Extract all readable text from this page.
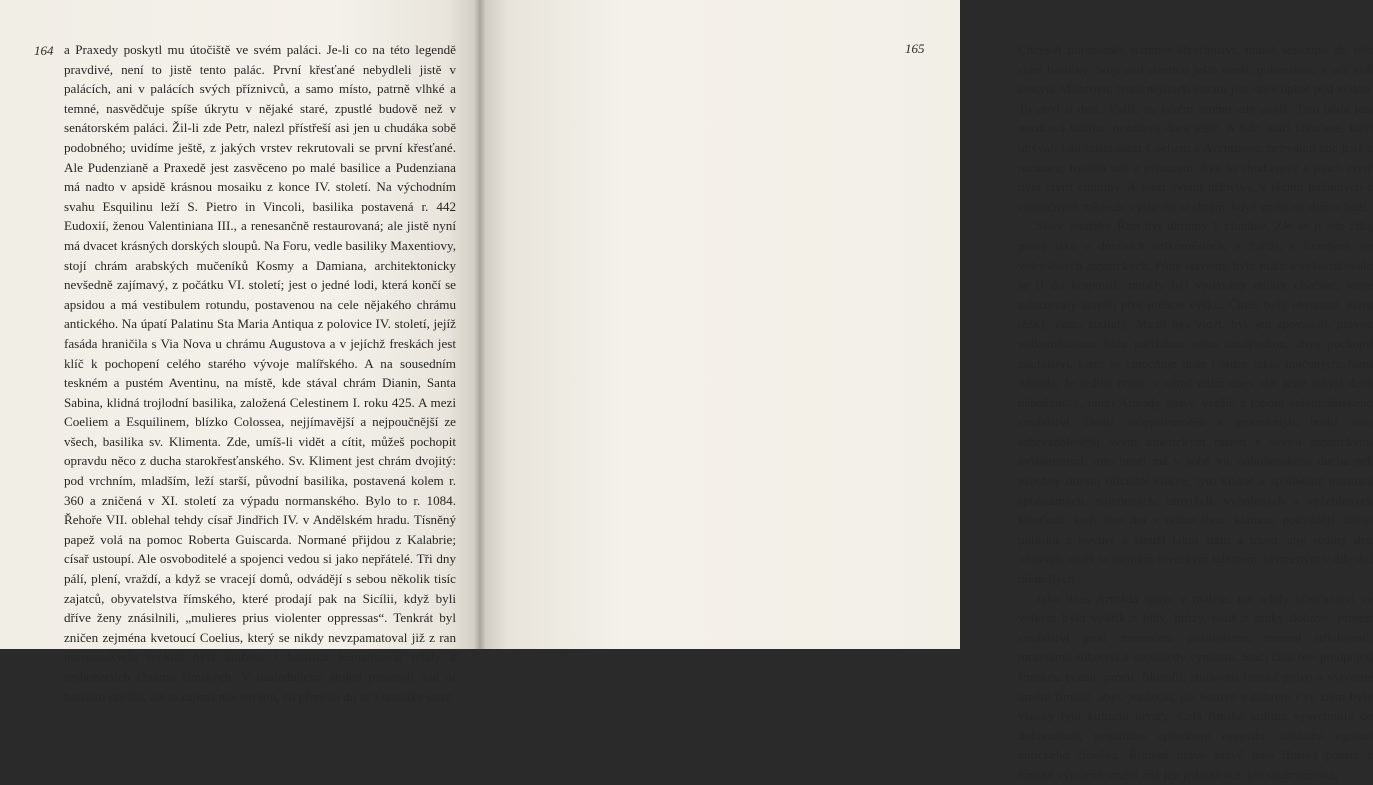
164 a Praxedy poskytl mu útočiště ve svém paláci. Je-li co na této legendě pravdivé, není to jistě tento palác. První křesťané nebydleli jistě v palácích, ani v palácích svých příznivců, a samo místo, patrně vlhké a temné, nasvědčuje spíše úkrytu v nějaké staré, zpustlé budově než v senátorském paláci. Žil-li zde Petr, nalezl přístřeší asi jen u chudáka sobě podobného; uvidíme ještě, z jakých vrstev rekrutovali se první křesťané. Ale Pudenzianě a Praxedě jest zasvěceno po malé basilice a Pudenziana má nadto v apsidě krásnou mosaiku z konce IV. století. Na východním svahu Esquilinu leží S. Pietro in Vincoli, basilika postavená r. 442 Eudoxií, ženou Valentiniana III., a renesančně restaurovaná; ale jistě nyní má dvacet krásných dorských sloupů. Na Foru, vedle basiliky Maxentiovy, stojí chrám arabských mučeníků Kosmy a Damiana, architektonicky nevšedně zajímavý, z počátku VI. století; jest o jedné lodi, která končí se apsidou a má vestibulem rotundu, postavenou na cele nějakého chrámu antického. Na úpatí Palatinu Sta Maria Antiqua z polovice IV. století, jejíž fasáda hraničila s Via Nova u chrámu Augustova a v jejíchž freskách jest klíč k pochopení celého starého vývoje malířského. A na sousedním teskném a pustém Aventinu, na místě, kde stával chrám Dianin, Santa Sabina, klidná trojlodní basilika, založená Celestinem I. roku 425. A mezi Coeliem a Esquilinem, blízko Colossea, nejjímavější a nejpoučnější ze všech, basilika sv. Klimenta. Zde, umíš-li vidět a cítit, můžeš pochopit opravdu něco z ducha starokřesťanského. Sv. Kliment jest chrám dvojitý: pod vrchním, mladším, leží starší, původní basilika, postavená kolem r. 360 a zničená v XI. století za výpadu normanského. Bylo to r. 1084. Řehoře VII. oblehal tehdy císař Jindřich IV. v Andělském hradu. Tísněný papež volá na pomoc Roberta Guiscarda. Normané přijdou z Kalabrie; císař ustoupí. Ale osvoboditelé a spojenci vedou si jako nepřátelé. Tři dny pálí, plení, vraždí, a když se vracejí domů, odvádějí s sebou několik tisíc zajatců, obyvatelstva římského, které prodají pak na Sicílii, když byli dříve ženy znásilnili, „mulieres prius violenter oppressas“. Tenkrát byl zničen zejména kvetoucí Coelius, který se nikdy nevzpamatoval již z ran normanských; tenkrát byla zničena i basilika Klimentova, tehdy z nejbohatších chrámů římských. V následujícím století postavili nad ní basiliku dnešní, ale ta zajímá nás jen tím, co přenesli do ní z basiliky staré.

Chceš-li porozumět starému křesťanství, musíš sestoupit do této staré basiliky. Stojí nad stavbou ještě starší, pohanskou, v níž vidí svatyni Mithrovu; tento nejstarší chrám jest dnes úplně pod vodou. To poví ti dost. Vidíš, na jakém terénu zde stojíš. Tato půda jest nezdravá bažina, nezdravá dnes ještě. A lidé, staří křesťané, kteří obývali tato místa mezi Coeliem a Aventinem, nebydleli zde jistě z rozmaru; bydleli zde z přinucení: byli to chuďasové a jejich čtvrť byla čtvrtí chudiny. A mezi svými příbytky, v těchto bažinných a zimničných místech, vystavěli si chrám, když směli na slunce boží.

Starý císařský Řím byl ukrutný k chudině. Zle se jí zde žilo, právě jako v dnešních velkoměstech, v Paříži, v Londýně, ve veleměstech amerických. Půdy stavební bylo málo a vykořisťovalo se jí do krajnosti: musily být vydávány edikty císařské, které zakazovaly stavěti přes určitou výšku. Činže byly ohromné, život těžký, často zoufalý. Musil bys vidět, byť jen zpovzdálí, pravou velkoměstskou bídu pařížskou nebo londýnskou, abys pochopil zoufalství, které se zmocňuje duše i srdce takto mučených. Není náhoda, že jediné hnutí, v němž cítím dnes vlát ještě jakýsi dech náboženský, hnutí Armády spásy, vzešlo z tohoto velkoměstského zoufalství. Budiž sebepitvornější a groteskníjší, budiž nám sebevzdálenější svým americkým rázem a svými americkými zvláštnostmi, toto hnutí má v sobě víc náboženského ducha než všechny dnešní oficiální církve, tyto klidné a spořádané instituce spořádaných, najedených, umytých, vyholených a vyžehlených křesťanů, kteří šest dní v týdnu lhou, klamou, podvádějí, dělají politiku a noviny a slouží takto státu a trůnu, aby sedmý den věnovali oltáři se stejným hereckým talentem, utvrzeným v díle dní předešlých.

Jako dnes Armáda spásy v malém, tak tehdy křesťanství ve velkém bylo výkřik z bídy, hrůzy, tísně a muky dobové, protest zoufalství proti mravnímu positivismu, mravní střízlivosti, mravnímu sobectví a naposledy cynismu. Stačí čísti bez předpojetí římskou poesii, prózu, filosofii, studovati římské právo a výtvarné umění římské, abys pochopil, jak hotové v dobrém i ve zlém byly všecky tyto kulturní útvary. Celá římská kultura vyvrcholila do dokonalosti, geniálním způsobem opravdu, základní egoism antického člověka. Římské právo právě jako římská poesie a římské výtvarné umění zná jen jednotlivce, jen soukromníka,

165
